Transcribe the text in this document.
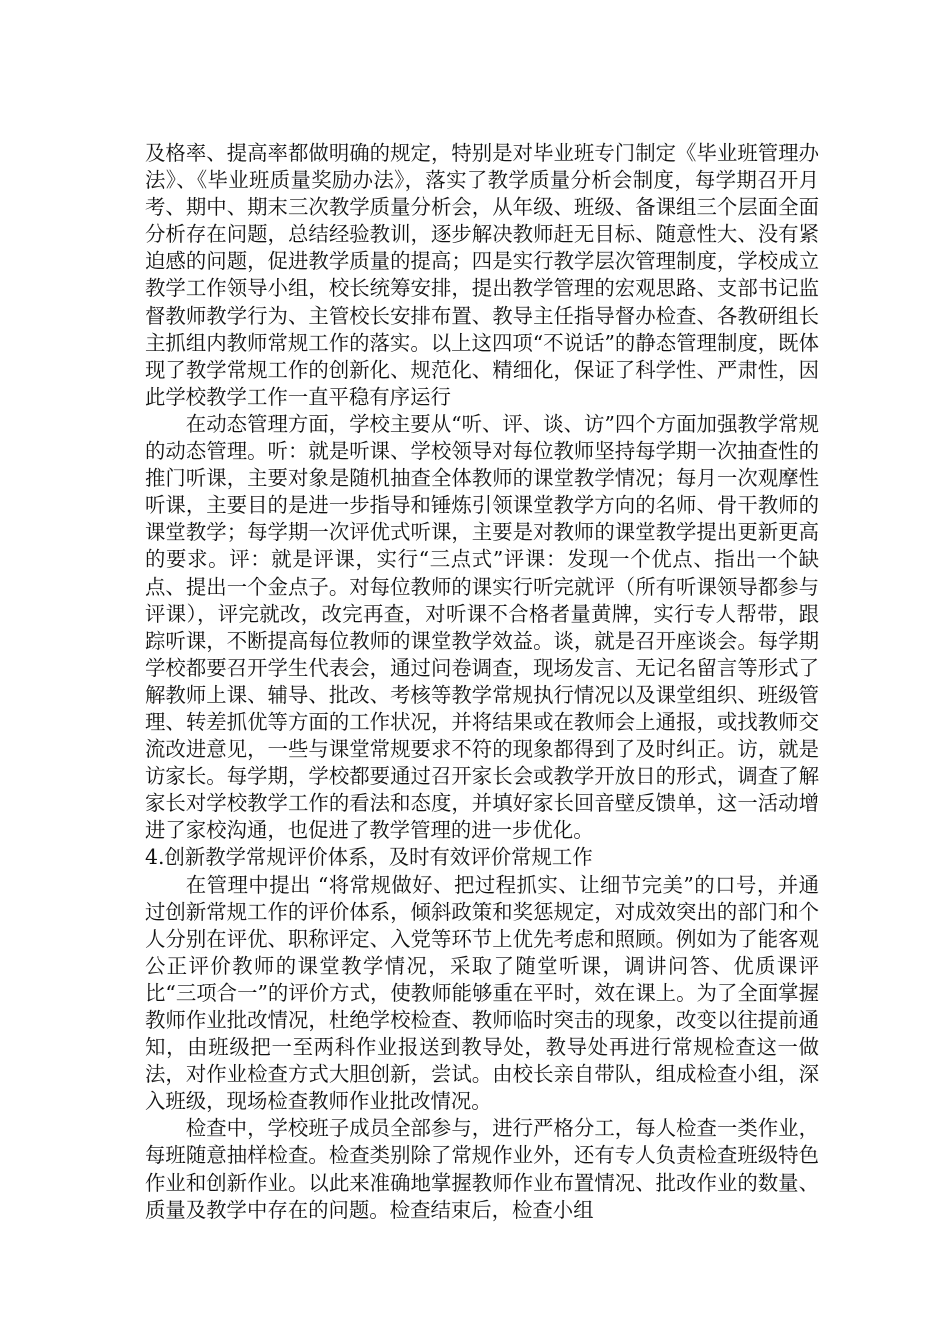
及格率、提高率都做明确的规定，特别是对毕业班专门制定《毕业班管理办法》、《毕业班质量奖励办法》，落实了教学质量分析会制度，每学期召开月考、期中、期末三次教学质量分析会，从年级、班级、备课组三个层面全面分析存在问题，总结经验教训，逐步解决教师赶无目标、随意性大、没有紧迫感的问题，促进教学质量的提高；四是实行教学层次管理制度，学校成立教学工作领导小组，校长统筹安排，提出教学管理的宏观思路、支部书记监督教师教学行为、主管校长安排布置、教导主任指导督办检查、各教研组长主抓组内教师常规工作的落实。以上这四项“不说话”的静态管理制度，既体现了教学常规工作的创新化、规范化、精细化，保证了科学性、严肃性，因此学校教学工作一直平稳有序运行

在动态管理方面，学校主要从“听、评、谈、访”四个方面加强教学常规的动态管理。听：就是听课、学校领导对每位教师坚持每学期一次抽查性的推门听课，主要对象是随机抽查全体教师的课堂教学情况；每月一次观摩性听课，主要目的是进一步指导和锤炼引领课堂教学方向的名师、骨干教师的课堂教学；每学期一次评优式听课，主要是对教师的课堂教学提出更新更高的要求。评：就是评课，实行“三点式”评课：发现一个优点、指出一个缺点、提出一个金点子。对每位教师的课实行听完就评（所有听课领导都参与评课），评完就改，改完再查，对听课不合格者量黄牌，实行专人帮带，跟踪听课，不断提高每位教师的课堂教学效益。谈，就是召开座谈会。每学期学校都要召开学生代表会，通过问卷调查，现场发言、无记名留言等形式了解教师上课、辅导、批改、考核等教学常规执行情况以及课堂组织、班级管理、转差抓优等方面的工作状况，并将结果或在教师会上通报，或找教师交流改进意见，一些与课堂常规要求不符的现象都得到了及时纠正。访，就是访家长。每学期，学校都要通过召开家长会或教学开放日的形式，调查了解家长对学校教学工作的看法和态度，并填好家长回音壁反馈单，这一活动增进了家校沟通，也促进了教学管理的进一步优化。

4.创新教学常规评价体系，及时有效评价常规工作

在管理中提出 “将常规做好、把过程抓实、让细节完美”的口号，并通过创新常规工作的评价体系，倾斜政策和奖惩规定，对成效突出的部门和个人分别在评优、职称评定、入党等环节上优先考虑和照顾。例如为了能客观公正评价教师的课堂教学情况，采取了随堂听课，调讲问答、优质课评比“三项合一”的评价方式，使教师能够重在平时，效在课上。为了全面掌握教师作业批改情况，杜绝学校检查、教师临时突击的现象，改变以往提前通知，由班级把一至两科作业报送到教导处，教导处再进行常规检查这一做法，对作业检查方式大胆创新，尝试。由校长亲自带队，组成检查小组，深入班级，现场检查教师作业批改情况。

检查中，学校班子成员全部参与，进行严格分工，每人检查一类作业，每班随意抽样检查。检查类别除了常规作业外，还有专人负责检查班级特色作业和创新作业。以此来准确地掌握教师作业布置情况、批改作业的数量、质量及教学中存在的问题。检查结束后，检查小组
